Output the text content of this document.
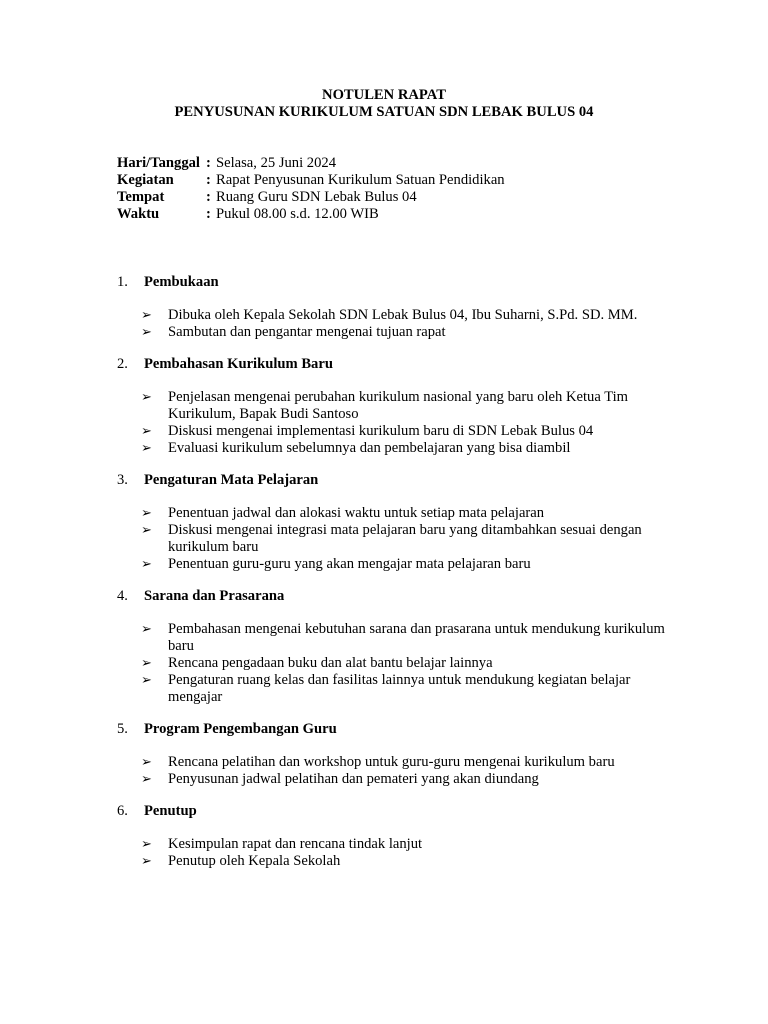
NOTULEN RAPAT
PENYUSUNAN KURIKULUM SATUAN SDN LEBAK BULUS 04
Hari/Tanggal : Selasa, 25 Juni 2024
Kegiatan	: Rapat Penyusunan Kurikulum Satuan Pendidikan
Tempat	: Ruang Guru SDN Lebak Bulus 04
Waktu	: Pukul 08.00 s.d. 12.00 WIB
1.	Pembukaan
➢ Dibuka oleh Kepala Sekolah SDN Lebak Bulus 04, Ibu Suharni, S.Pd. SD. MM.
➢ Sambutan dan pengantar mengenai tujuan rapat
2.	Pembahasan Kurikulum Baru
➢ Penjelasan mengenai perubahan kurikulum nasional yang baru oleh Ketua Tim Kurikulum, Bapak Budi Santoso
➢ Diskusi mengenai implementasi kurikulum baru di SDN Lebak Bulus 04
➢ Evaluasi kurikulum sebelumnya dan pembelajaran yang bisa diambil
3.	Pengaturan Mata Pelajaran
➢ Penentuan jadwal dan alokasi waktu untuk setiap mata pelajaran
➢ Diskusi mengenai integrasi mata pelajaran baru yang ditambahkan sesuai dengan kurikulum baru
➢ Penentuan guru-guru yang akan mengajar mata pelajaran baru
4.	Sarana dan Prasarana
➢ Pembahasan mengenai kebutuhan sarana dan prasarana untuk mendukung kurikulum baru
➢ Rencana pengadaan buku dan alat bantu belajar lainnya
➢ Pengaturan ruang kelas dan fasilitas lainnya untuk mendukung kegiatan belajar mengajar
5.	Program Pengembangan Guru
➢ Rencana pelatihan dan workshop untuk guru-guru mengenai kurikulum baru
➢ Penyusunan jadwal pelatihan dan pemateri yang akan diundang
6.	Penutup
➢ Kesimpulan rapat dan rencana tindak lanjut
➢ Penutup oleh Kepala Sekolah
